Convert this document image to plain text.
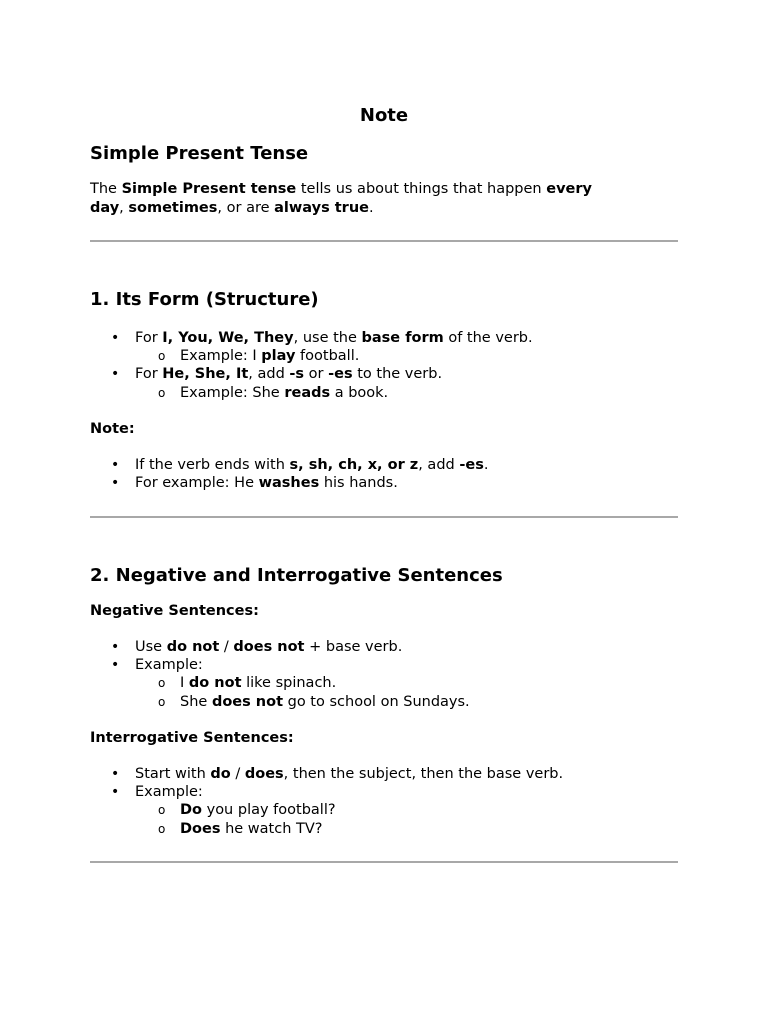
Note
Simple Present Tense
The Simple Present tense tells us about things that happen every
day, sometimes, or are always true.
1. Its Form (Structure)
• For I, You, We, They, use the base form of the verb.
o Example: I play football.
• For He, She, It, add -s or -es to the verb.
o Example: She reads a book.
Note:
• If the verb ends with s, sh, ch, x, or z, add -es.
• For example: He washes his hands.
2. Negative and Interrogative Sentences
Negative Sentences:
• Use do not / does not + base verb.
• Example:
o I do not like spinach.
o She does not go to school on Sundays.
Interrogative Sentences:
• Start with do / does, then the subject, then the base verb.
• Example:
o Do you play football?
o Does he watch TV?
